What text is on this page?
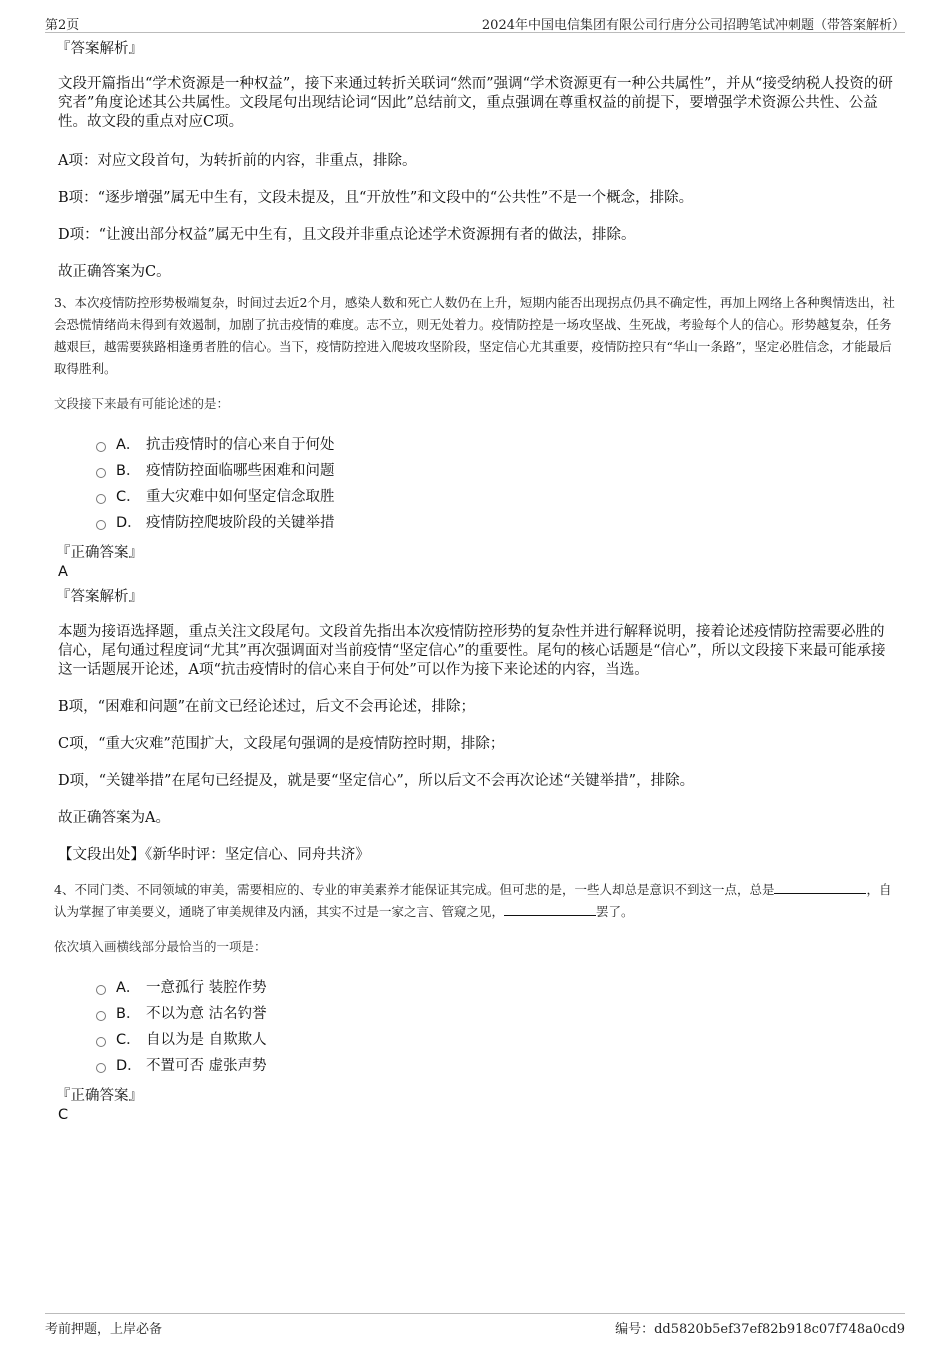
第2页	2024年中国电信集团有限公司行唐分公司招聘笔试冲刺题（带答案解析）

『答案解析』

文段开篇指出“学术资源是一种权益”，接下来通过转折关联词“然而”强调“学术资源更有一种公共属性”，并从“接受纳税人投资的研究者”角度论述其公共属性。文段尾句出现结论词“因此”总结前文，重点强调在尊重权益的前提下，要增强学术资源公共性、公益性。故文段的重点对应C项。

A项：对应文段首句，为转折前的内容，非重点，排除。

B项：“逐步增强”属无中生有，文段未提及，且“开放性”和文段中的“公共性”不是一个概念，排除。

D项：“让渡出部分权益”属无中生有，且文段并非重点论述学术资源拥有者的做法，排除。

故正确答案为C。

3、本次疫情防控形势极端复杂，时间过去近2个月，感染人数和死亡人数仍在上升，短期内能否出现拐点仍具不确定性，再加上网络上各种舆情迭出，社会恐慌情绪尚未得到有效遏制，加剧了抗击疫情的难度。志不立，则无处着力。疫情防控是一场攻坚战、生死战，考验每个人的信心。形势越复杂，任务越艰巨，越需要狭路相逢勇者胜的信心。当下，疫情防控进入爬坡攻坚阶段，坚定信心尤其重要，疫情防控只有“华山一条路”，坚定必胜信念，才能最后取得胜利。

文段接下来最有可能论述的是：

A． 抗击疫情时的信心来自于何处
B． 疫情防控面临哪些困难和问题
C． 重大灾难中如何坚定信念取胜
D． 疫情防控爬坡阶段的关键举措

『正确答案』

A

『答案解析』

本题为接语选择题，重点关注文段尾句。文段首先指出本次疫情防控形势的复杂性并进行解释说明，接着论述疫情防控需要必胜的信心，尾句通过程度词“尤其”再次强调面对当前疫情“坚定信心”的重要性。尾句的核心话题是“信心”，所以文段接下来最可能承接这一话题展开论述，A项“抗击疫情时的信心来自于何处”可以作为接下来论述的内容，当选。

B项，“困难和问题”在前文已经论述过，后文不会再论述，排除；

C项，“重大灾难”范围扩大，文段尾句强调的是疫情防控时期，排除；

D项，“关键举措”在尾句已经提及，就是要“坚定信心”，所以后文不会再次论述“关键举措”，排除。

故正确答案为A。

【文段出处】《新华时评：坚定信心、同舟共济》

4、不同门类、不同领域的审美，需要相应的、专业的审美素养才能保证其完成。但可悲的是，一些人却总是意识不到这一点，总是	，自认为掌握了审美要义，通晓了审美规律及内涵，其实不过是一家之言、管窥之见，	罢了。

依次填入画横线部分最恰当的一项是：

A． 一意孤行 装腔作势
B． 不以为意 沽名钓誉
C． 自以为是 自欺欺人
D． 不置可否 虚张声势

『正确答案』

C

考前押题，上岸必备	编号：dd5820b5ef37ef82b918c07f748a0cd9
